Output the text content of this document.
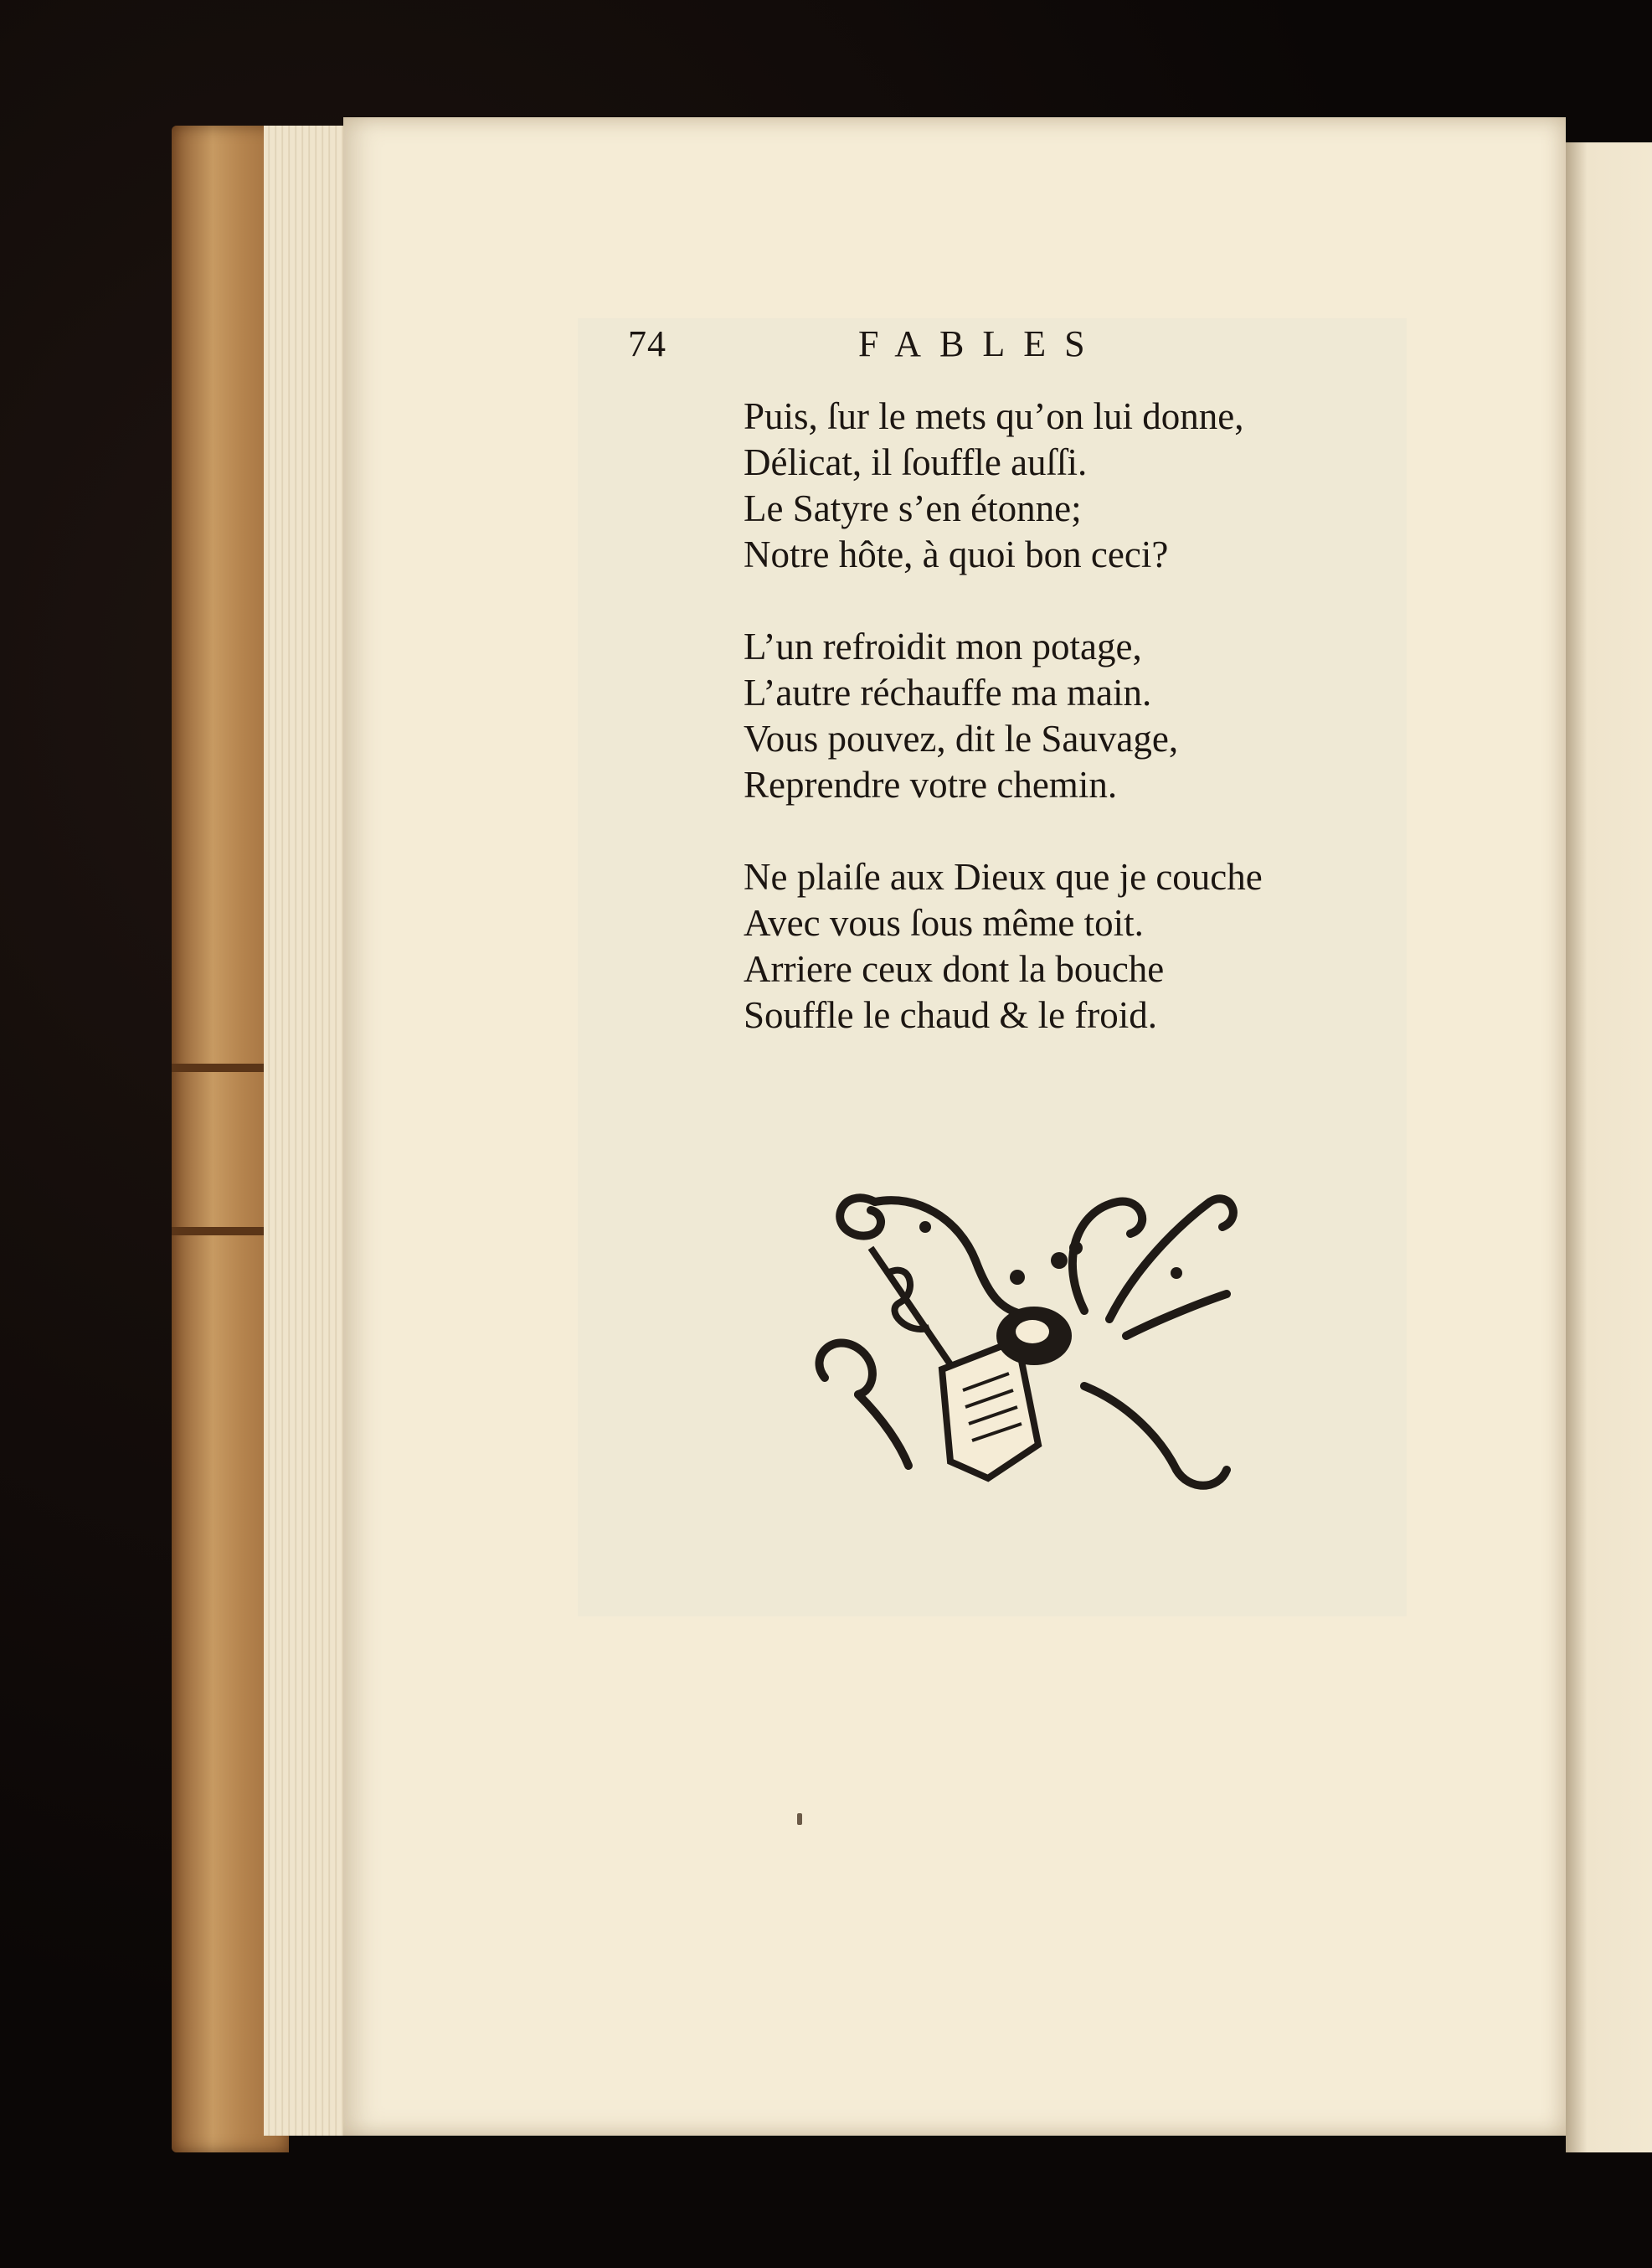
74	FABLES
Puis, ſur le mets qu’on lui donne,
Délicat, il ſouffle auſſi.
Le Satyre s’en étonne;
Notre hôte, à quoi bon ceci?
L’un refroidit mon potage,
L’autre réchauffe ma main.
Vous pouvez, dit le Sauvage,
Reprendre votre chemin.
Ne plaiſe aux Dieux que je couche
Avec vous ſous même toit.
Arriere ceux dont la bouche
Souffle le chaud & le froid.
